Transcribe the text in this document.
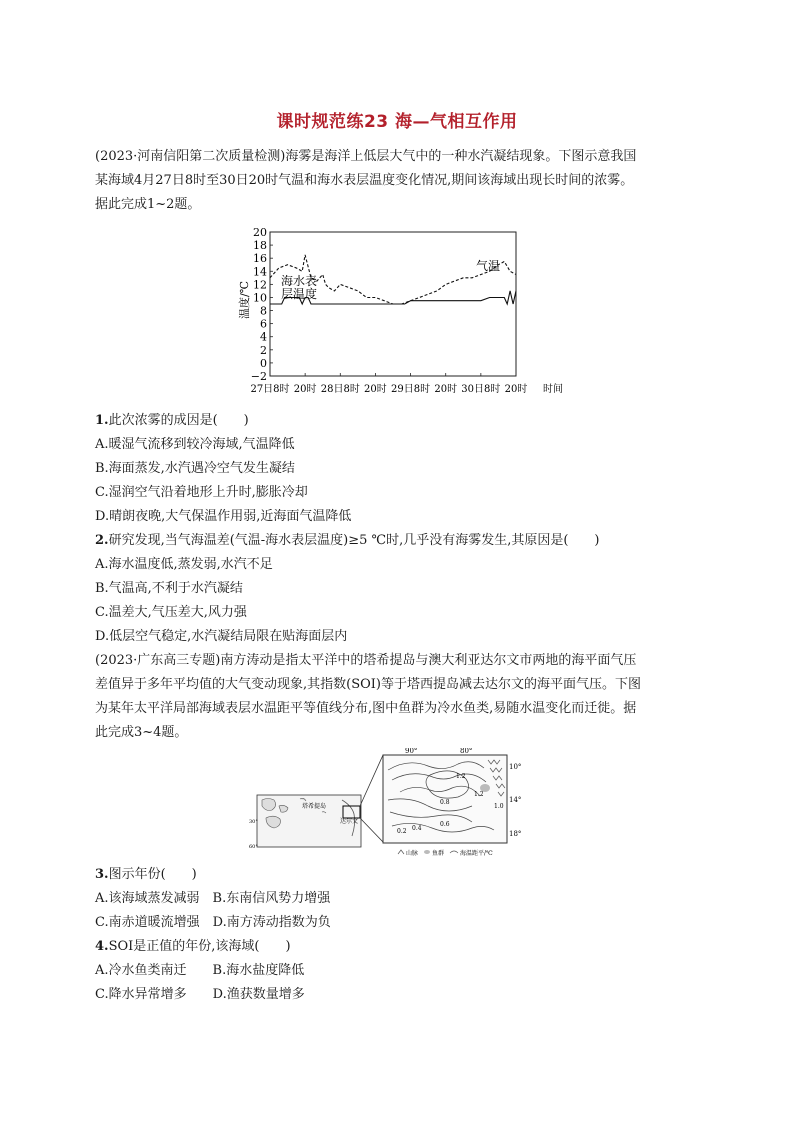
课时规范练23 海—气相互作用
(2023·河南信阳第二次质量检测)海雾是海洋上低层大气中的一种水汽凝结现象。下图示意我国
某海域4月27日8时至30日20时气温和海水表层温度变化情况,期间该海域出现长时间的浓雾。
据此完成1~2题。
20
18
16
14
12
10
8
6
4
2
0
−2
27日8时 20时 28日8时 20时 29日8时 20时 30日8时 20时
温度/℃
时间
气温
海水表
层温度
1.此次浓雾的成因是(　　)
A.暖湿气流移到较冷海域,气温降低
B.海面蒸发,水汽遇冷空气发生凝结
C.湿润空气沿着地形上升时,膨胀冷却
D.晴朗夜晚,大气保温作用弱,近海面气温降低
2.研究发现,当气海温差(气温-海水表层温度)≥5 ℃时,几乎没有海雾发生,其原因是(　　)
A.海水温度低,蒸发弱,水汽不足
B.气温高,不利于水汽凝结
C.温差大,气压差大,风力强
D.低层空气稳定,水汽凝结局限在贴海面层内
(2023·广东高三专题)南方涛动是指太平洋中的塔希提岛与澳大利亚达尔文市两地的海平面气压
差值异于多年平均值的大气变动现象,其指数(SOI)等于塔西提岛减去达尔文的海平面气压。下图
为某年太平洋局部海域表层水温距平等值线分布,图中鱼群为冷水鱼类,易随水温变化而迁徙。据
此完成3~4题。
塔希提岛
达尔文
30°
60°
90°	80°
10°
14°
18°
1.2
1.2
1.0
0.8
0.6
0.4
0.2
山脉 鱼群	海温距平/℃
3.图示年份(　　)
A.该海域蒸发减弱　B.东南信风势力增强
C.南赤道暖流增强　D.南方涛动指数为负
4.SOI是正值的年份,该海域(　　)
A.冷水鱼类南迁　　B.海水盐度降低
C.降水异常增多　　D.渔获数量增多
